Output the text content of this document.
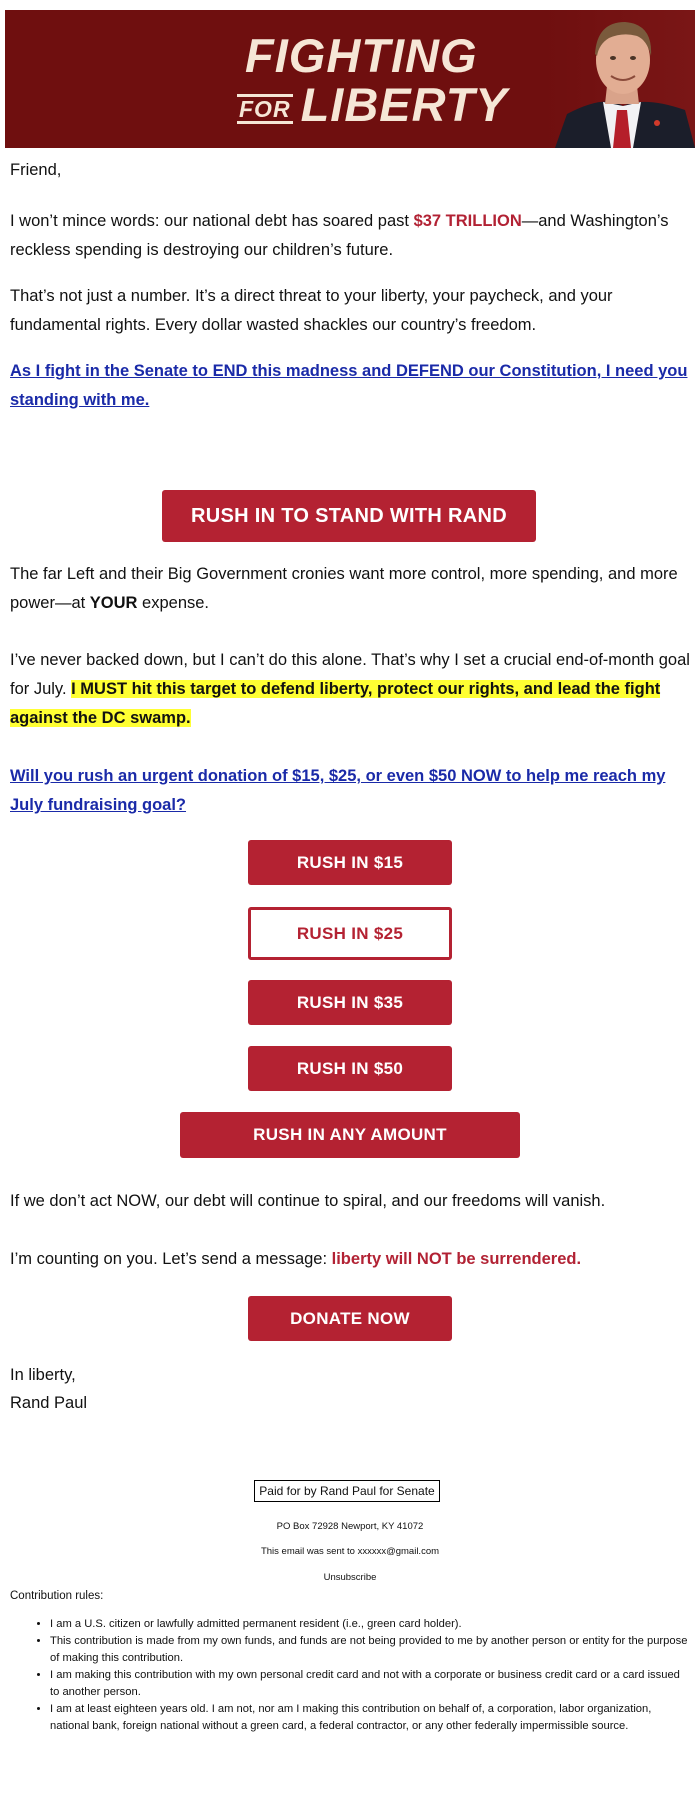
FIGHTING
FOR LIBERTY

Friend,

I won’t mince words: our national debt has soared past $37 TRILLION—and Washington’s reckless spending is destroying our children’s future.

That’s not just a number. It’s a direct threat to your liberty, your paycheck, and your fundamental rights. Every dollar wasted shackles our country’s freedom.

As I fight in the Senate to END this madness and DEFEND our Constitution, I need you standing with me.

RUSH IN TO STAND WITH RAND

The far Left and their Big Government cronies want more control, more spending, and more power—at YOUR expense.

I’ve never backed down, but I can’t do this alone. That’s why I set a crucial end-of-month goal for July. I MUST hit this target to defend liberty, protect our rights, and lead the fight against the DC swamp.

Will you rush an urgent donation of $15, $25, or even $50 NOW to help me reach my July fundraising goal?

RUSH IN $15
RUSH IN $25
RUSH IN $35
RUSH IN $50
RUSH IN ANY AMOUNT

If we don’t act NOW, our debt will continue to spiral, and our freedoms will vanish.

I’m counting on you. Let’s send a message: liberty will NOT be surrendered.

DONATE NOW

In liberty,

Rand Paul

Paid for by Rand Paul for Senate
PO Box 72928 Newport, KY 41072
This email was sent to xxxxxx@gmail.com
Unsubscribe
Contribution rules:
• I am a U.S. citizen or lawfully admitted permanent resident (i.e., green card holder).
• This contribution is made from my own funds, and funds are not being provided to me by another person or entity for the purpose of making this contribution.
• I am making this contribution with my own personal credit card and not with a corporate or business credit card or a card issued to another person.
• I am at least eighteen years old. I am not, nor am I making this contribution on behalf of, a corporation, labor organization, national bank, foreign national without a green card, a federal contractor, or any other federally impermissible source.
